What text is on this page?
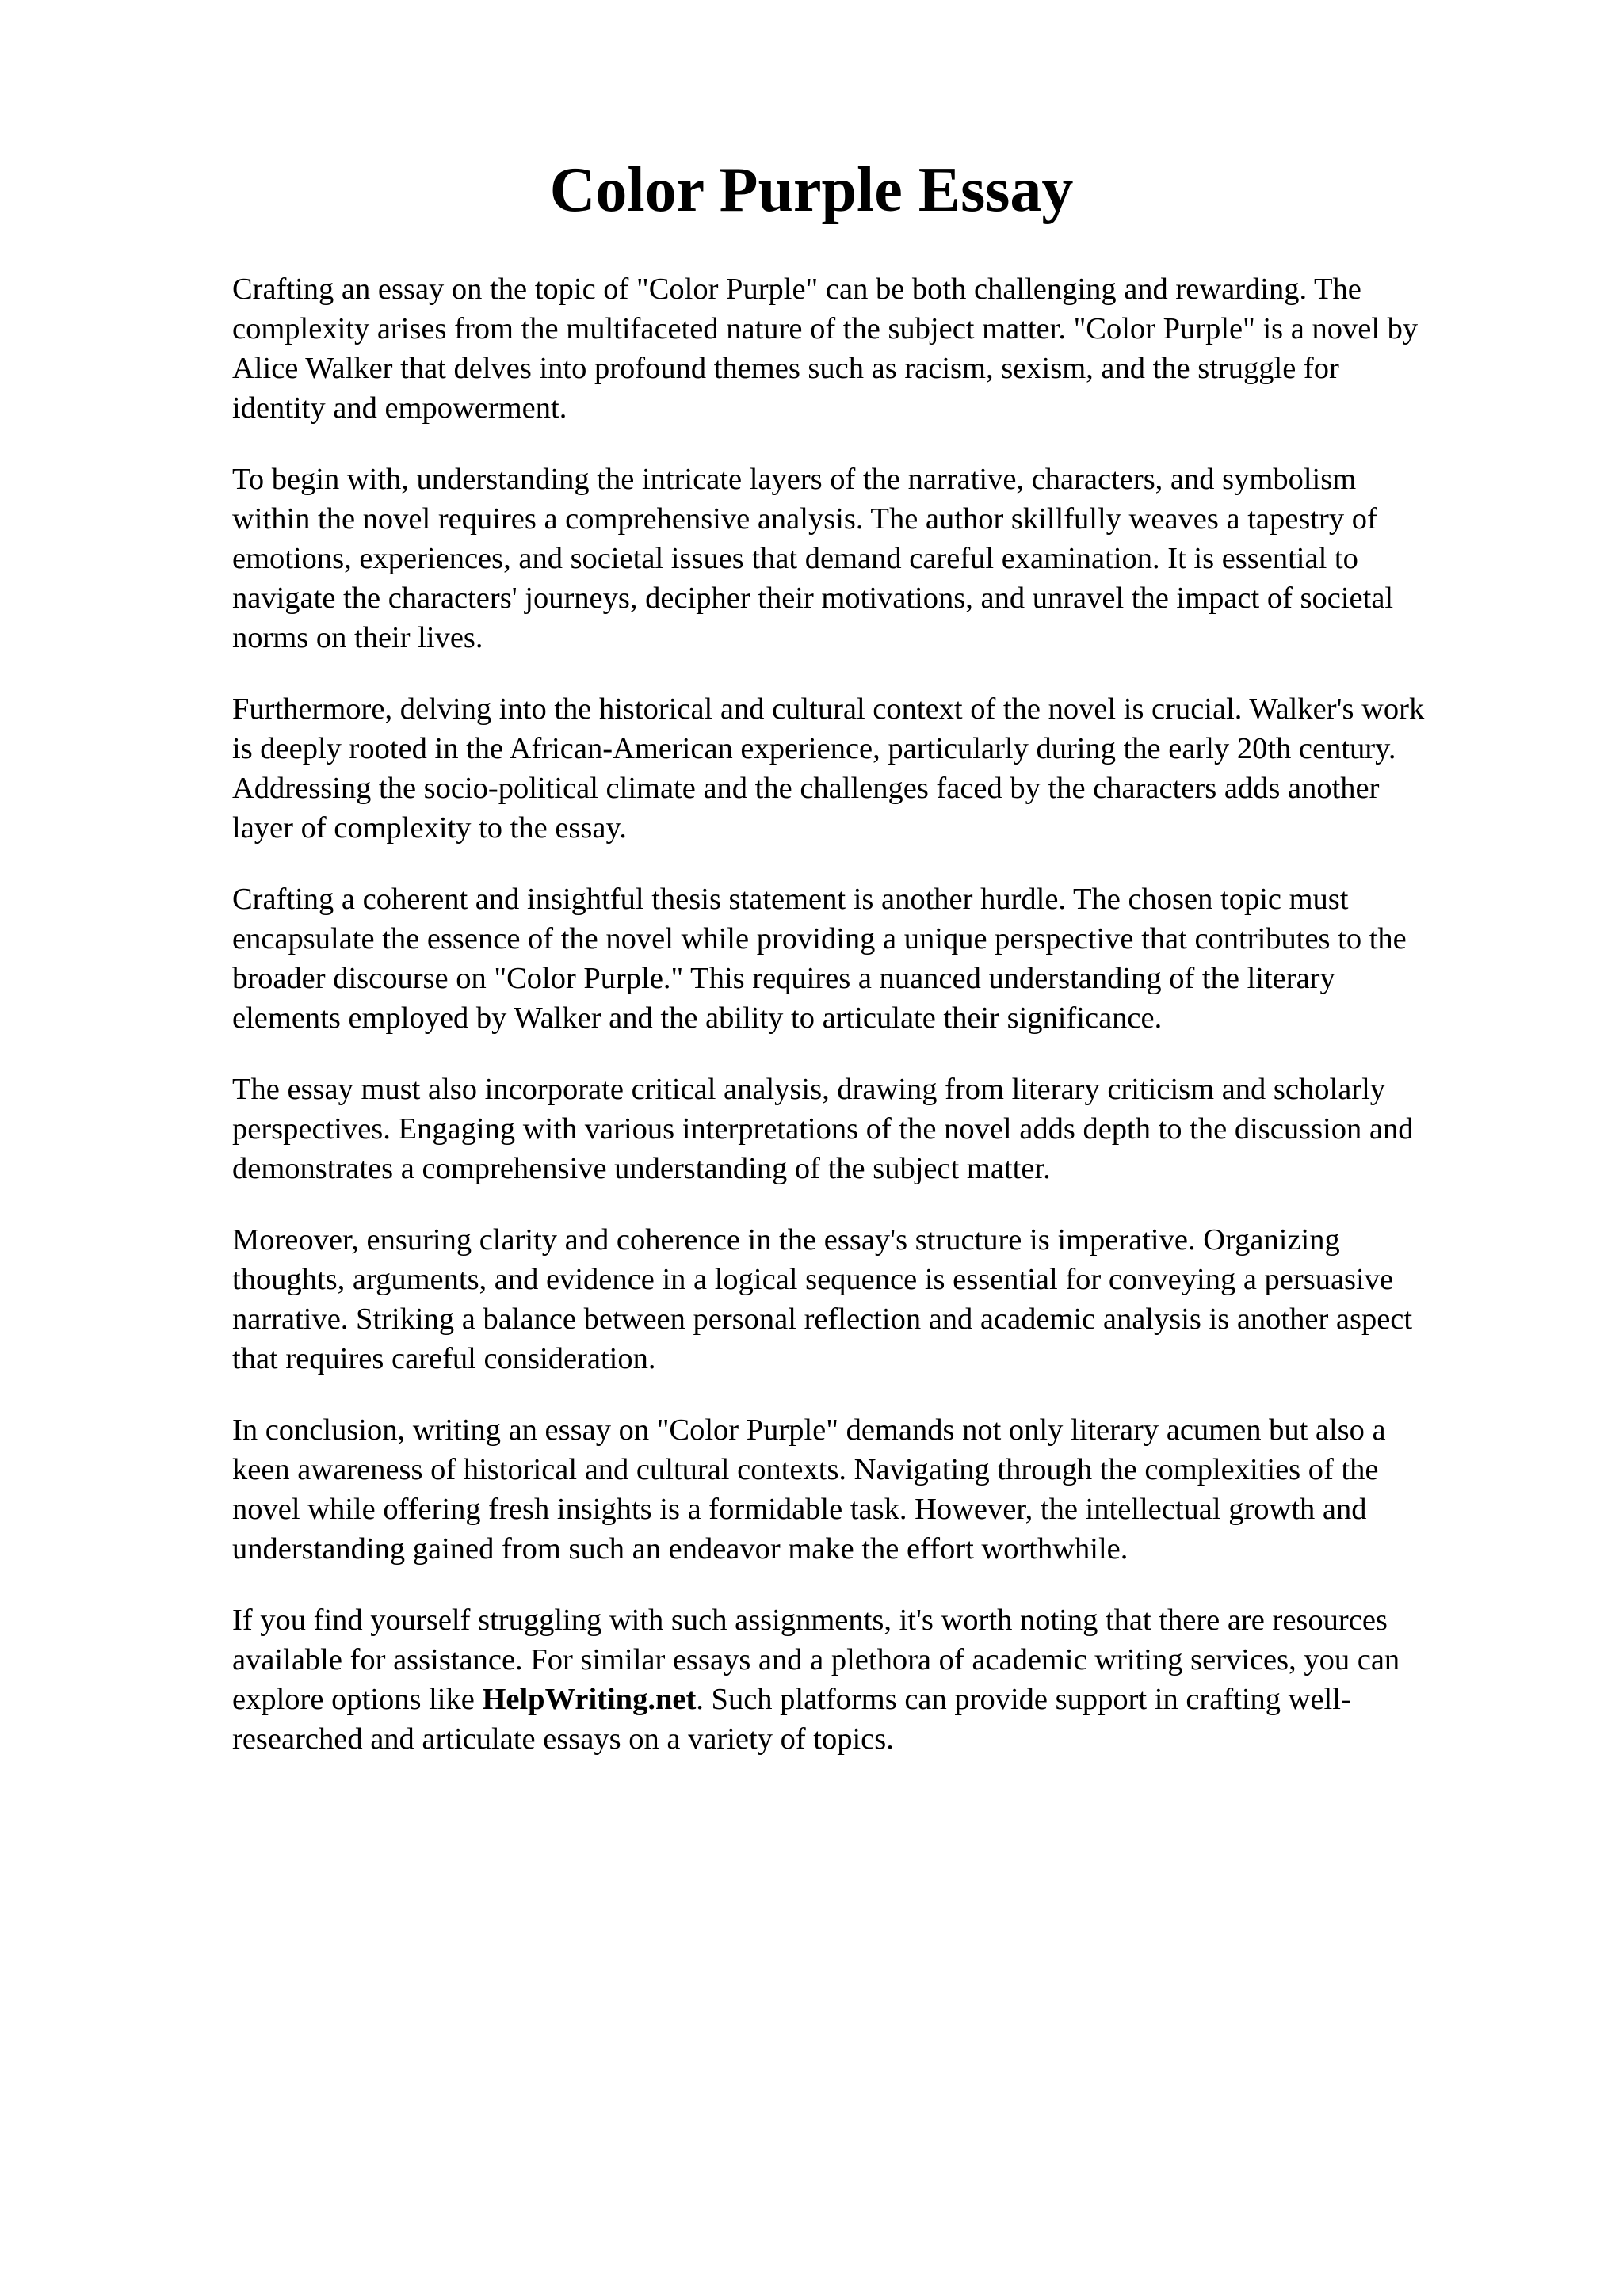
Color Purple Essay

Crafting an essay on the topic of "Color Purple" can be both challenging and rewarding. The
complexity arises from the multifaceted nature of the subject matter. "Color Purple" is a novel by
Alice Walker that delves into profound themes such as racism, sexism, and the struggle for
identity and empowerment.

To begin with, understanding the intricate layers of the narrative, characters, and symbolism
within the novel requires a comprehensive analysis. The author skillfully weaves a tapestry of
emotions, experiences, and societal issues that demand careful examination. It is essential to
navigate the characters' journeys, decipher their motivations, and unravel the impact of societal
norms on their lives.

Furthermore, delving into the historical and cultural context of the novel is crucial. Walker's work
is deeply rooted in the African-American experience, particularly during the early 20th century.
Addressing the socio-political climate and the challenges faced by the characters adds another
layer of complexity to the essay.

Crafting a coherent and insightful thesis statement is another hurdle. The chosen topic must
encapsulate the essence of the novel while providing a unique perspective that contributes to the
broader discourse on "Color Purple." This requires a nuanced understanding of the literary
elements employed by Walker and the ability to articulate their significance.

The essay must also incorporate critical analysis, drawing from literary criticism and scholarly
perspectives. Engaging with various interpretations of the novel adds depth to the discussion and
demonstrates a comprehensive understanding of the subject matter.

Moreover, ensuring clarity and coherence in the essay's structure is imperative. Organizing
thoughts, arguments, and evidence in a logical sequence is essential for conveying a persuasive
narrative. Striking a balance between personal reflection and academic analysis is another aspect
that requires careful consideration.

In conclusion, writing an essay on "Color Purple" demands not only literary acumen but also a
keen awareness of historical and cultural contexts. Navigating through the complexities of the
novel while offering fresh insights is a formidable task. However, the intellectual growth and
understanding gained from such an endeavor make the effort worthwhile.

If you find yourself struggling with such assignments, it's worth noting that there are resources
available for assistance. For similar essays and a plethora of academic writing services, you can
explore options like HelpWriting.net. Such platforms can provide support in crafting well-
researched and articulate essays on a variety of topics.
